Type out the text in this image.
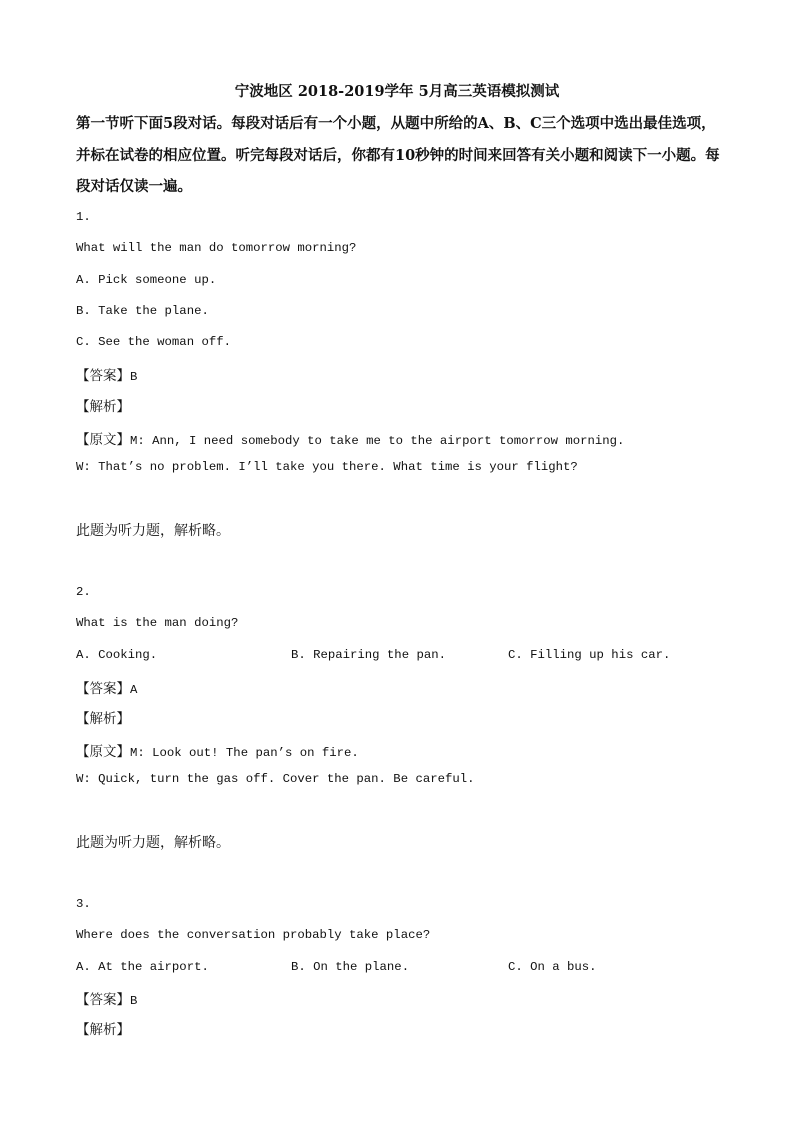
宁波地区 2018-2019学年 5月高三英语模拟测试
第一节听下面5段对话。每段对话后有一个小题，从题中所给的A、B、C三个选项中选出最佳选项，并标在试卷的相应位置。听完每段对话后，你都有10秒钟的时间来回答有关小题和阅读下一小题。每段对话仅读一遍。
1.
What will the man do tomorrow morning?
A. Pick someone up.
B. Take the plane.
C. See the woman off.
【答案】B
【解析】
【原文】M: Ann, I need somebody to take me to the airport tomorrow morning.
W: That’s no problem. I’ll take you there. What time is your flight?
此题为听力题，解析略。
2.
What is the man doing?
A. Cooking.	B. Repairing the pan.	C. Filling up his car.
【答案】A
【解析】
【原文】M: Look out! The pan’s on fire.
W: Quick, turn the gas off. Cover the pan. Be careful.
此题为听力题，解析略。
3.
Where does the conversation probably take place?
A. At the airport.	B. On the plane.	C. On a bus.
【答案】B
【解析】
